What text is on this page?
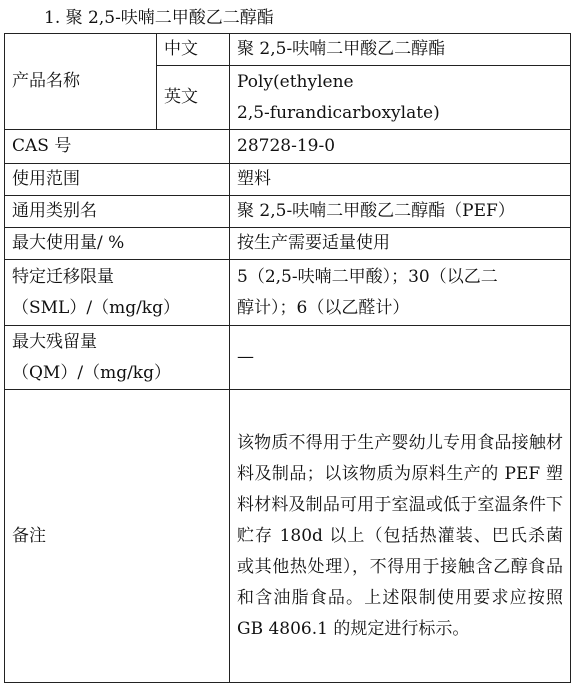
1. 聚 2,5-呋喃二甲酸乙二醇酯
产品名称	中文	聚 2,5-呋喃二甲酸乙二醇酯
	英文	Poly(ethylene
2,5-furandicarboxylate)

CAS 号		28728-19-0
使用范围		塑料
通用类别名		聚 2,5-呋喃二甲酸乙二醇酯（PEF）
最大使用量/ %		按生产需要适量使用

特定迁移限量
（SML）/（mg/kg）		5（2,5-呋喃二甲酸）；30（以乙二
醇计）；6（以乙醛计）

最大残留量
（QM）/（mg/kg）		—
备注		该物质不得用于生产婴幼儿专用食品接触材料及制品；以该物质为原料生产的 PEF 塑料材料及制品可用于室温或低于室温条件下贮存 180d 以上（包括热灌装、巴氏杀菌或其他热处理），不得用于接触含乙醇食品和含油脂食品。上述限制使用要求应按照 GB 4806.1 的规定进行标示。
